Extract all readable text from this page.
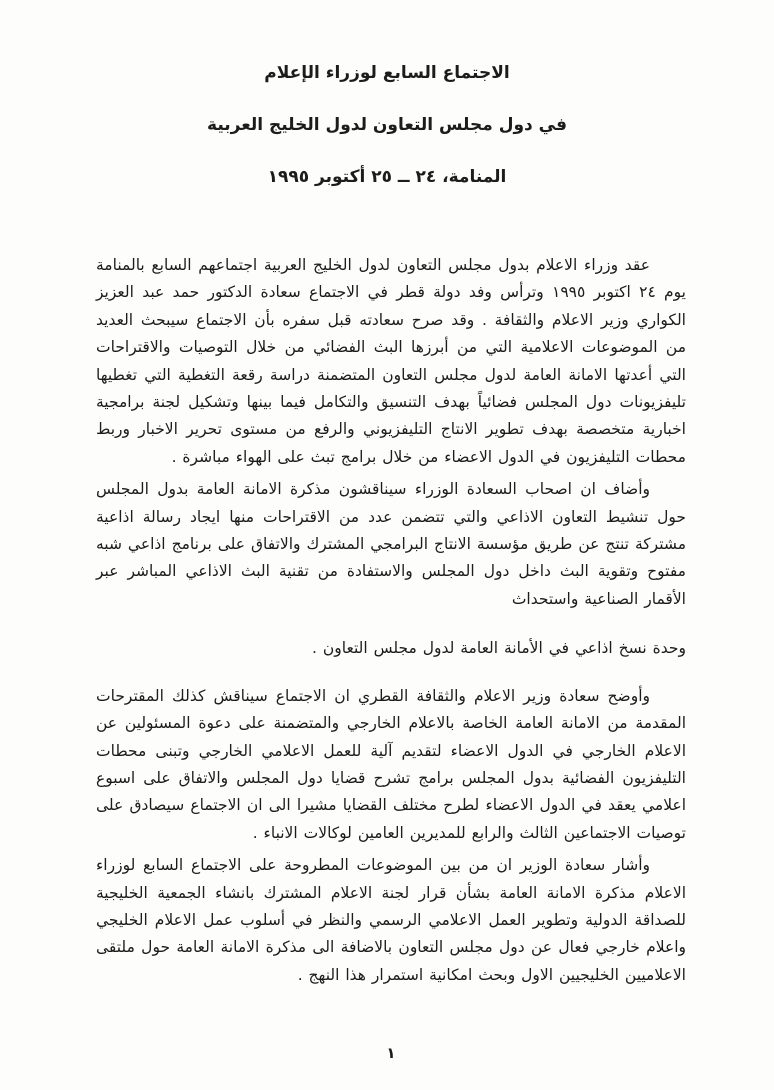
الاجتماع السابع لوزراء الإعلام
في دول مجلس التعاون لدول الخليج العربية
المنامة، ٢٤ ــ ٢٥ أكتوبر ١٩٩٥

عقد وزراء الاعلام بدول مجلس التعاون لدول الخليج العربية اجتماعهم السابع بالمنامة يوم ٢٤ اكتوبر ١٩٩٥ وترأس وفد دولة قطر في الاجتماع سعادة الدكتور حمد عبد العزيز الكواري وزير الاعلام والثقافة . وقد صرح سعادته قبل سفره بأن الاجتماع سيبحث العديد من الموضوعات الاعلامية التي من أبرزها البث الفضائي من خلال التوصيات والاقتراحات التي أعدتها الامانة العامة لدول مجلس التعاون المتضمنة دراسة رقعة التغطية التي تغطيها تليفزيونات دول المجلس فضائياً بهدف التنسيق والتكامل فيما بينها وتشكيل لجنة برامجية اخبارية متخصصة بهدف تطوير الانتاج التليفزيوني والرفع من مستوى تحرير الاخبار وربط محطات التليفزيون في الدول الاعضاء من خلال برامج تبث على الهواء مباشرة .

وأضاف ان اصحاب السعادة الوزراء سيناقشون مذكرة الامانة العامة بدول المجلس حول تنشيط التعاون الاذاعي والتي تتضمن عدد من الاقتراحات منها ايجاد رسالة اذاعية مشتركة تنتج عن طريق مؤسسة الانتاج البرامجي المشترك والاتفاق على برنامج اذاعي شبه مفتوح وتقوية البث داخل دول المجلس والاستفادة من تقنية البث الاذاعي المباشر عبر الأقمار الصناعية واستحداث

وحدة نسخ اذاعي في الأمانة العامة لدول مجلس التعاون .

وأوضح سعادة وزير الاعلام والثقافة القطري ان الاجتماع سيناقش كذلك المقترحات المقدمة من الامانة العامة الخاصة بالاعلام الخارجي والمتضمنة على دعوة المسئولين عن الاعلام الخارجي في الدول الاعضاء لتقديم آلية للعمل الاعلامي الخارجي وتبنى محطات التليفزيون الفضائية بدول المجلس برامج تشرح قضايا دول المجلس والاتفاق على اسبوع اعلامي يعقد في الدول الاعضاء لطرح مختلف القضايا مشيرا الى ان الاجتماع سيصادق على توصيات الاجتماعين الثالث والرابع للمديرين العامين لوكالات الانباء .

وأشار سعادة الوزير ان من بين الموضوعات المطروحة على الاجتماع السابع لوزراء الاعلام مذكرة الامانة العامة بشأن قرار لجنة الاعلام المشترك بانشاء الجمعية الخليجية للصداقة الدولية وتطوير العمل الاعلامي الرسمي والنظر في أسلوب عمل الاعلام الخليجي واعلام خارجي فعال عن دول مجلس التعاون بالاضافة الى مذكرة الامانة العامة حول ملتقى الاعلاميين الخليجيين الاول وبحث امكانية استمرار هذا النهج .

١
